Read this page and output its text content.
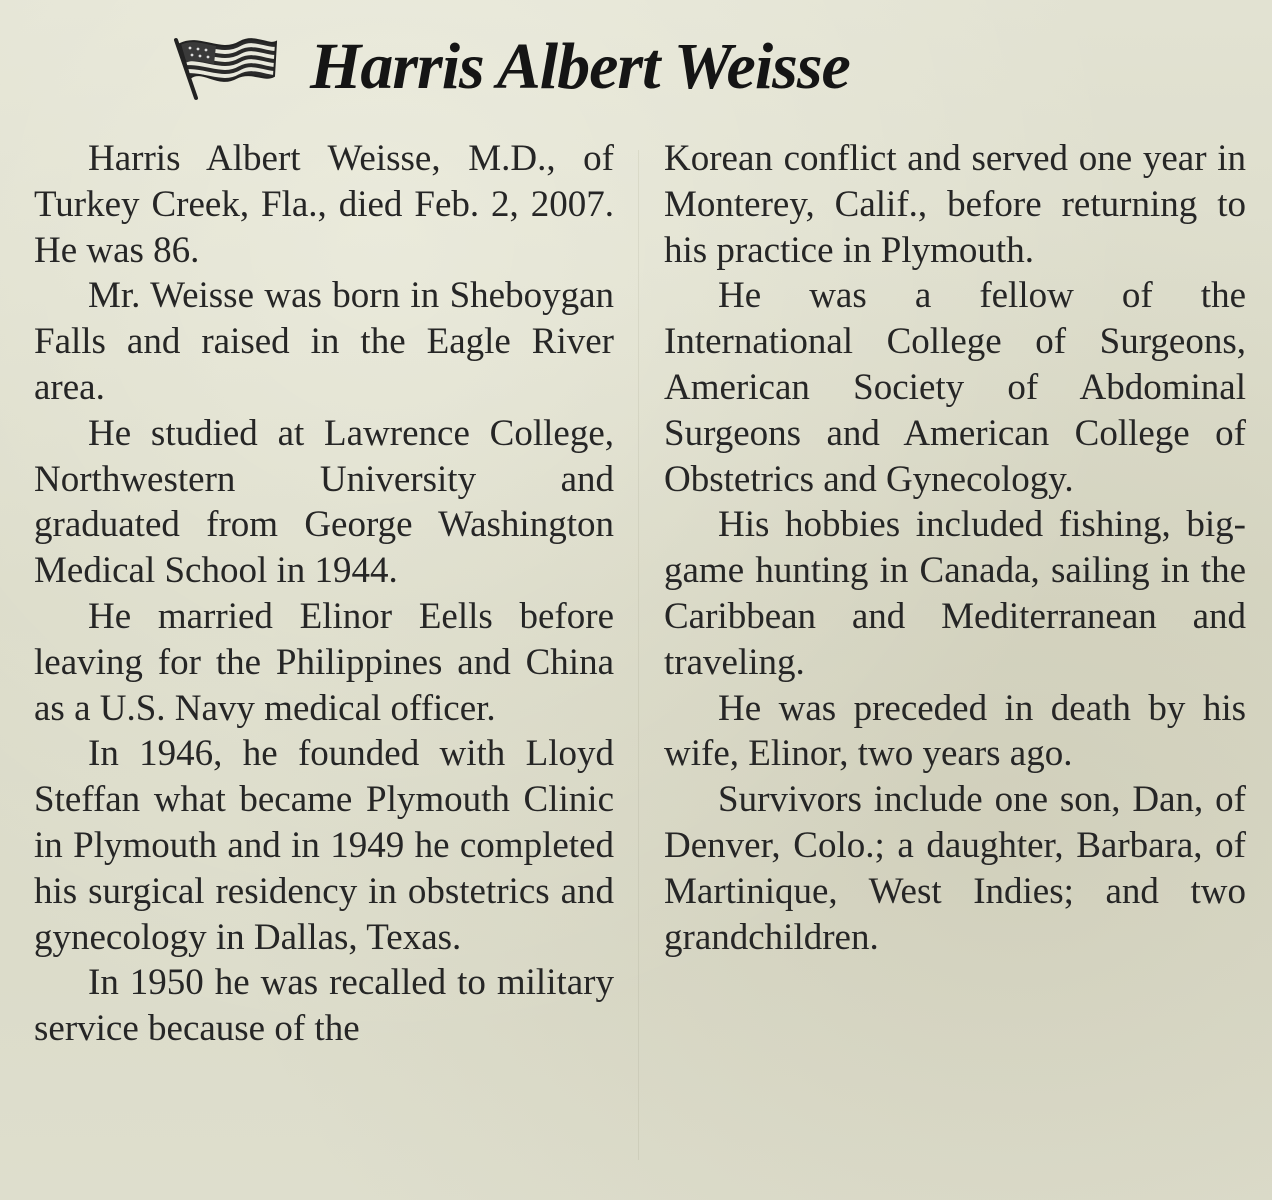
Harris Albert Weisse

Harris Albert Weisse, M.D., of Turkey Creek, Fla., died Feb. 2, 2007. He was 86.

Mr. Weisse was born in Sheboygan Falls and raised in the Eagle River area.

He studied at Lawrence College, Northwestern University and graduated from George Washington Medical School in 1944.

He married Elinor Eells before leaving for the Philippines and China as a U.S. Navy medical officer.

In 1946, he founded with Lloyd Steffan what became Plymouth Clinic in Plymouth and in 1949 he completed his surgical residency in obstetrics and gynecology in Dallas, Texas.

In 1950 he was recalled to military service because of the

Korean conflict and served one year in Monterey, Calif., before returning to his practice in Plymouth.

He was a fellow of the International College of Surgeons, American Society of Abdominal Surgeons and American College of Obstetrics and Gynecology.

His hobbies included fishing, big-game hunting in Canada, sailing in the Caribbean and Mediterranean and traveling.

He was preceded in death by his wife, Elinor, two years ago.

Survivors include one son, Dan, of Denver, Colo.; a daughter, Barbara, of Martinique, West Indies; and two grandchildren.
